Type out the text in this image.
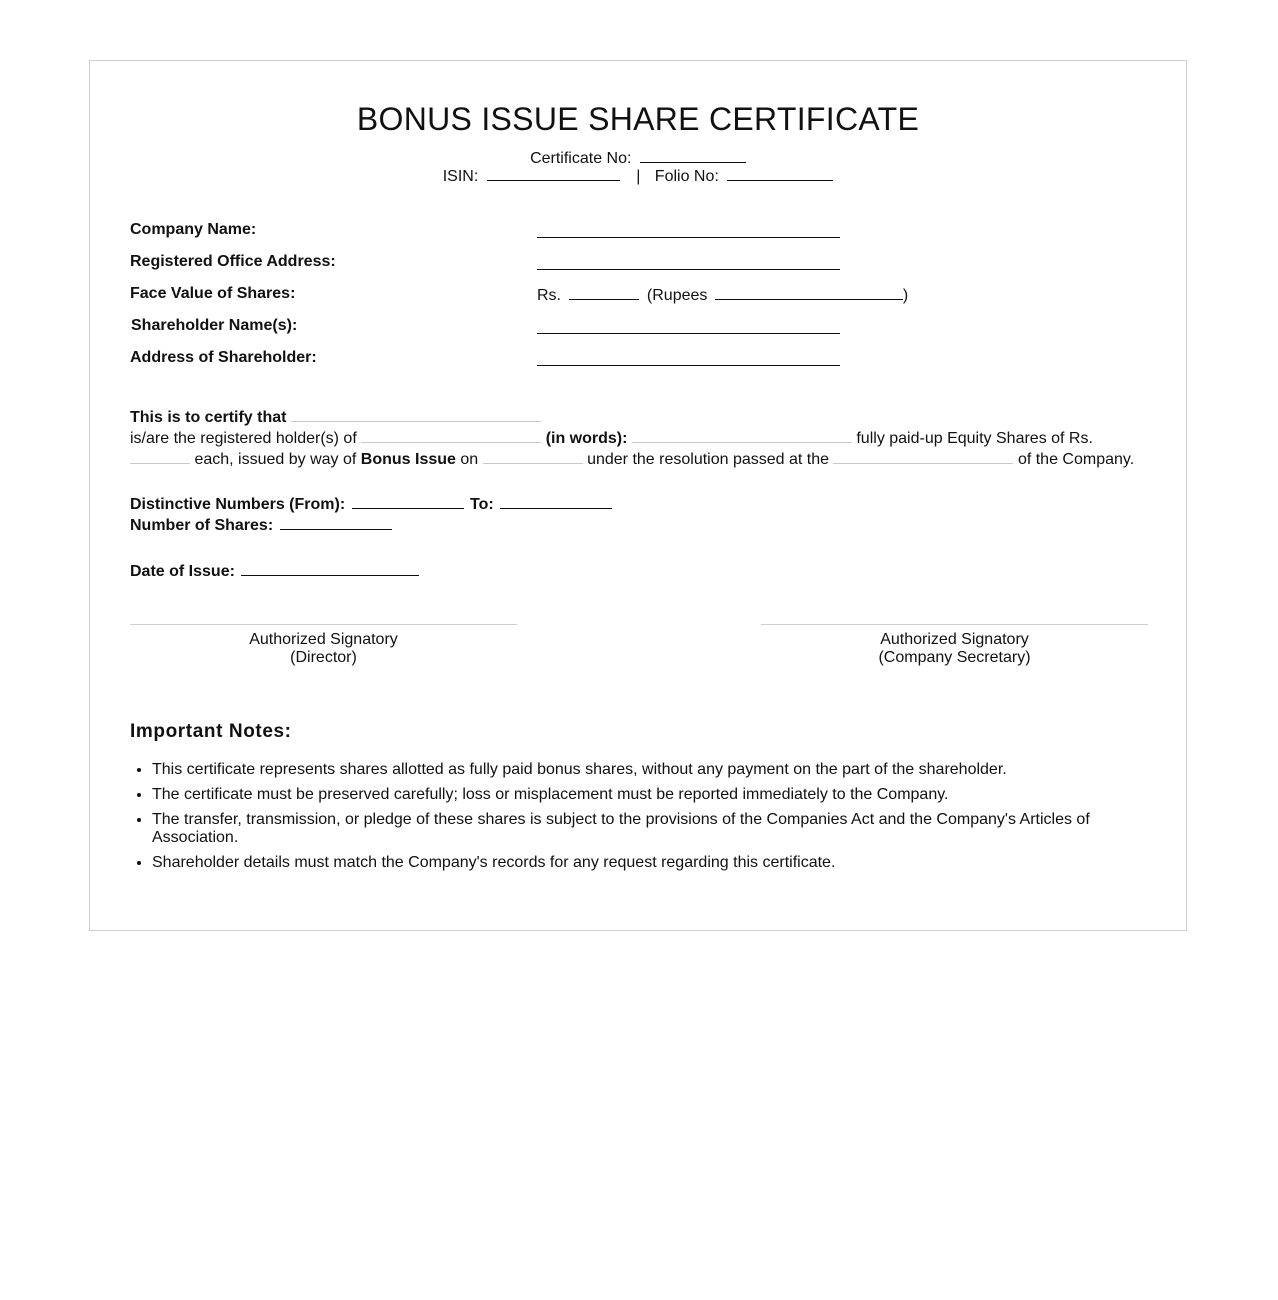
BONUS ISSUE SHARE CERTIFICATE
Certificate No:
ISIN:	| Folio No:
Company Name:
Registered Office Address:
Face Value of Shares:	Rs.	(Rupees	)
Shareholder Name(s):
Address of Shareholder:
This is to certify that
is/are the registered holder(s) of	(in words):	fully paid-up Equity Shares of Rs.
each, issued by way of Bonus Issue on	under the resolution passed at the	of the Company.
Distinctive Numbers (From):	To:
Number of Shares:
Date of Issue:
Authorized Signatory
(Director)
Authorized Signatory
(Company Secretary)
Important Notes:
• This certificate represents shares allotted as fully paid bonus shares, without any payment on the part of the shareholder.
• The certificate must be preserved carefully; loss or misplacement must be reported immediately to the Company.
• The transfer, transmission, or pledge of these shares is subject to the provisions of the Companies Act and the Company's Articles of Association.
• Shareholder details must match the Company's records for any request regarding this certificate.
